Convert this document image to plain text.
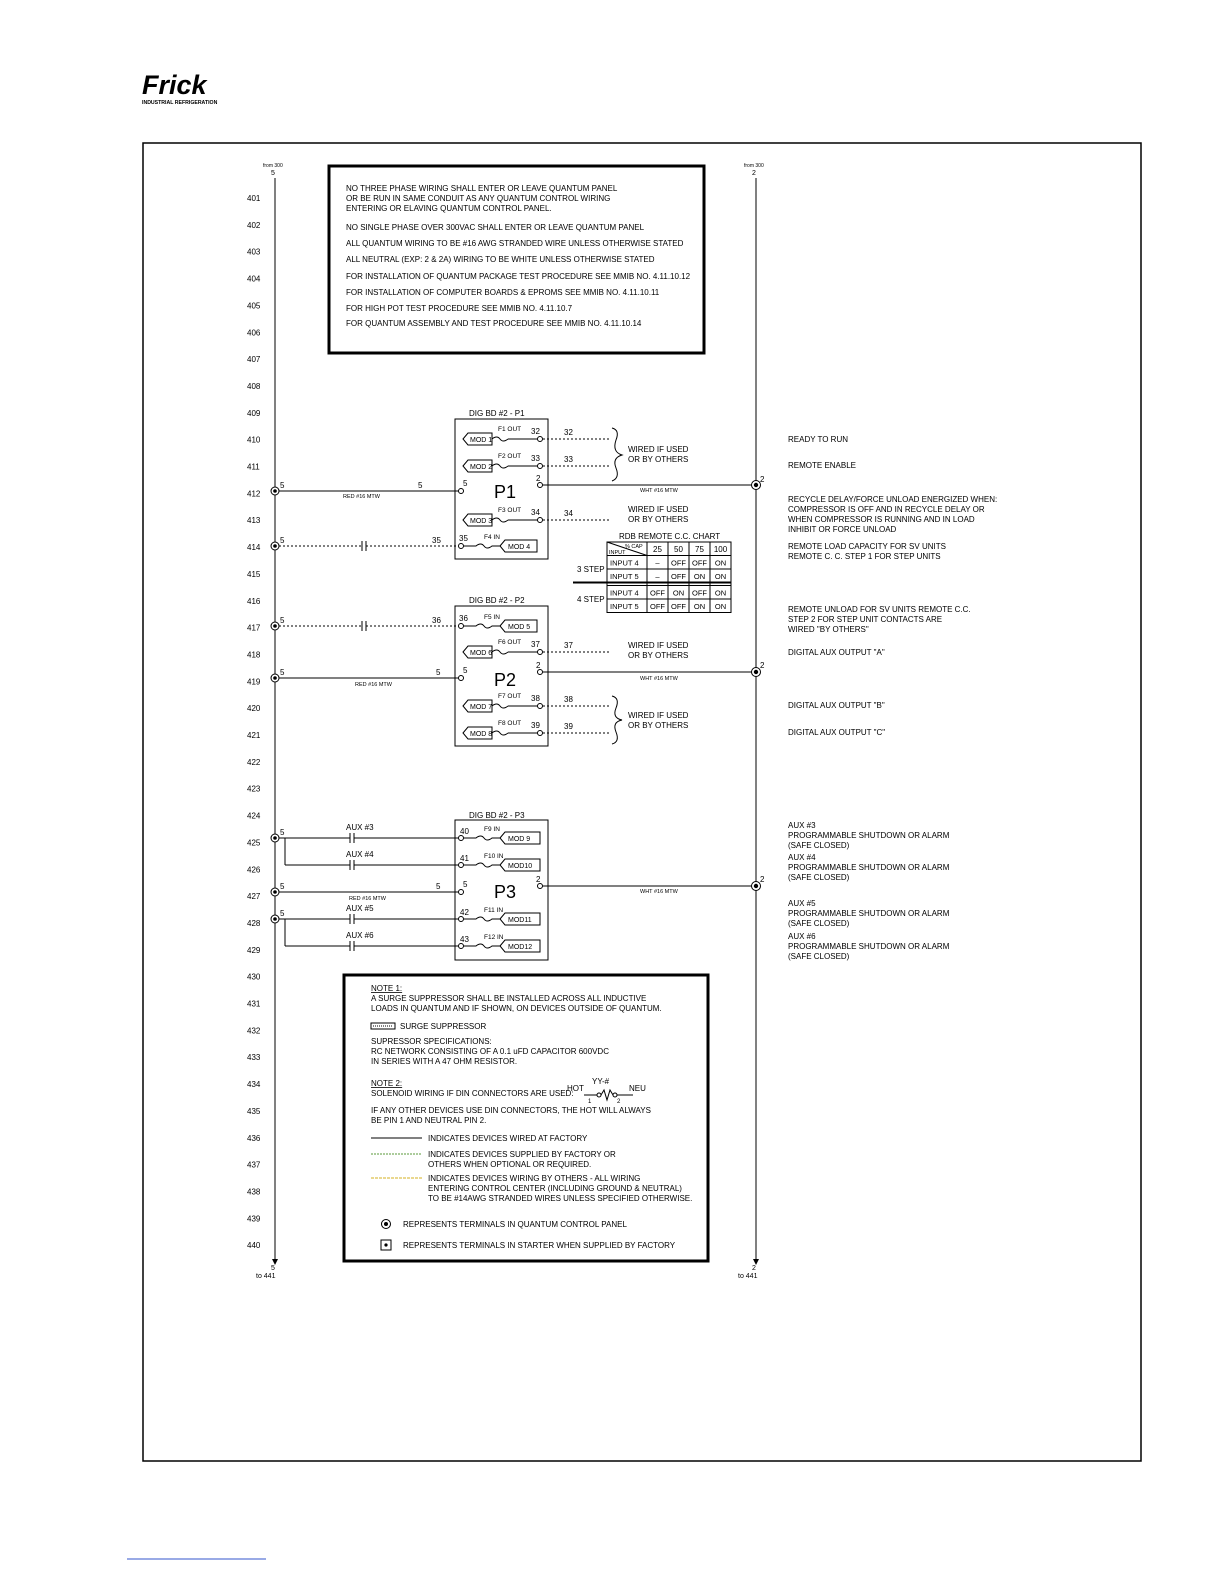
Frick
INDUSTRIAL REFRIGERATION
from 300
5
from 300
2
5
to 441
2
to 441
401
402
403
404
405
406
407
408
409
410
411
412
413
414
415
416
417
418
419
420
421
422
423
424
425
426
427
428
429
430
431
432
433
434
435
436
437
438
439
440
NO THREE PHASE WIRING SHALL ENTER OR LEAVE QUANTUM PANEL
OR BE RUN IN SAME CONDUIT AS ANY QUANTUM CONTROL WIRING
ENTERING OR ELAVING QUANTUM CONTROL PANEL.
NO SINGLE PHASE OVER 300VAC SHALL ENTER OR LEAVE QUANTUM PANEL
ALL QUANTUM WIRING TO BE #16 AWG STRANDED WIRE UNLESS OTHERWISE STATED
ALL NEUTRAL (EXP: 2 & 2A) WIRING TO BE WHITE UNLESS OTHERWISE STATED
FOR INSTALLATION OF QUANTUM PACKAGE TEST PROCEDURE SEE MMIB NO. 4.11.10.12
FOR INSTALLATION OF COMPUTER BOARDS & EPROMS SEE MMIB NO. 4.11.10.11
FOR HIGH POT TEST PROCEDURE SEE MMIB NO. 4.11.10.7
FOR QUANTUM ASSEMBLY AND TEST PROCEDURE SEE MMIB NO. 4.11.10.14
DIG BD #2 - P1
P1
MOD 1
F1 OUT 32	32
MOD 2
F2 OUT 33	33
5
2
MOD 3
F3 OUT 34	34
35 F4 IN
MOD 4
WIRED IF USED
OR BY OTHERS
WIRED IF USED
OR BY OTHERS
5	5
RED #16 MTW
WHT #16 MTW
2
5	35	RDB REMOTE C.C. CHART
% CAP
INPUT	25 50 75 100
3 STEP
INPUT 4 – OFF OFF ON
INPUT 5 – OFF ON ON
4 STEP
INPUT 4 OFF ON OFF ON
INPUT 5 OFF OFF ON ON
DIG BD #2 - P2
P2
36 F5 IN
MOD 5
MOD 6
F6 OUT 37	37
5
2
MOD 7
F7 OUT 38	38
MOD 8
F8 OUT 39	39
WIRED IF USED
OR BY OTHERS
WIRED IF USED
OR BY OTHERS
5	36
5	5
RED #16 MTW
WHT #16 MTW
2
DIG BD #2 - P3
P3
5
AUX #3	40 F9 IN
MOD 9
AUX #4	41 F10 IN
MOD10
5
AUX #5	42 F11 IN
MOD11
AUX #6	43 F12 IN
MOD12
5
2
5	5
RED #16 MTW
WHT #16 MTW
2
READY TO RUN
REMOTE ENABLE
RECYCLE DELAY/FORCE UNLOAD ENERGIZED WHEN:
COMPRESSOR IS OFF AND IN RECYCLE DELAY OR
WHEN COMPRESSOR IS RUNNING AND IN LOAD
INHIBIT OR FORCE UNLOAD
REMOTE LOAD CAPACITY FOR SV UNITS
REMOTE C. C. STEP 1 FOR STEP UNITS
REMOTE UNLOAD FOR SV UNITS REMOTE C.C.
STEP 2 FOR STEP UNIT CONTACTS ARE
WIRED "BY OTHERS"
DIGITAL AUX OUTPUT "A"
DIGITAL AUX OUTPUT "B"
DIGITAL AUX OUTPUT "C"
AUX #3
PROGRAMMABLE SHUTDOWN OR ALARM
(SAFE CLOSED)
AUX #4
PROGRAMMABLE SHUTDOWN OR ALARM
(SAFE CLOSED)
AUX #5
PROGRAMMABLE SHUTDOWN OR ALARM
(SAFE CLOSED)
AUX #6
PROGRAMMABLE SHUTDOWN OR ALARM
(SAFE CLOSED)
NOTE 1:
A SURGE SUPPRESSOR SHALL BE INSTALLED ACROSS ALL INDUCTIVE
LOADS IN QUANTUM AND IF SHOWN, ON DEVICES OUTSIDE OF QUANTUM.
SURGE SUPPRESSOR
SUPRESSOR SPECIFICATIONS:
RC NETWORK CONSISTING OF A 0.1 uFD CAPACITOR 600VDC
IN SERIES WITH A 47 OHM RESISTOR.
NOTE 2:
SOLENOID WIRING IF DIN CONNECTORS ARE USED:
HOT
YY-#
NEU
1	2
IF ANY OTHER DEVICES USE DIN CONNECTORS, THE HOT WILL ALWAYS
BE PIN 1 AND NEUTRAL PIN 2.
INDICATES DEVICES WIRED AT FACTORY
INDICATES DEVICES SUPPLIED BY FACTORY OR
OTHERS WHEN OPTIONAL OR REQUIRED.
INDICATES DEVICES WIRING BY OTHERS - ALL WIRING
ENTERING CONTROL CENTER (INCLUDING GROUND & NEUTRAL)
TO BE #14AWG STRANDED WIRES UNLESS SPECIFIED OTHERWISE.
REPRESENTS TERMINALS IN QUANTUM CONTROL PANEL
REPRESENTS TERMINALS IN STARTER WHEN SUPPLIED BY FACTORY
